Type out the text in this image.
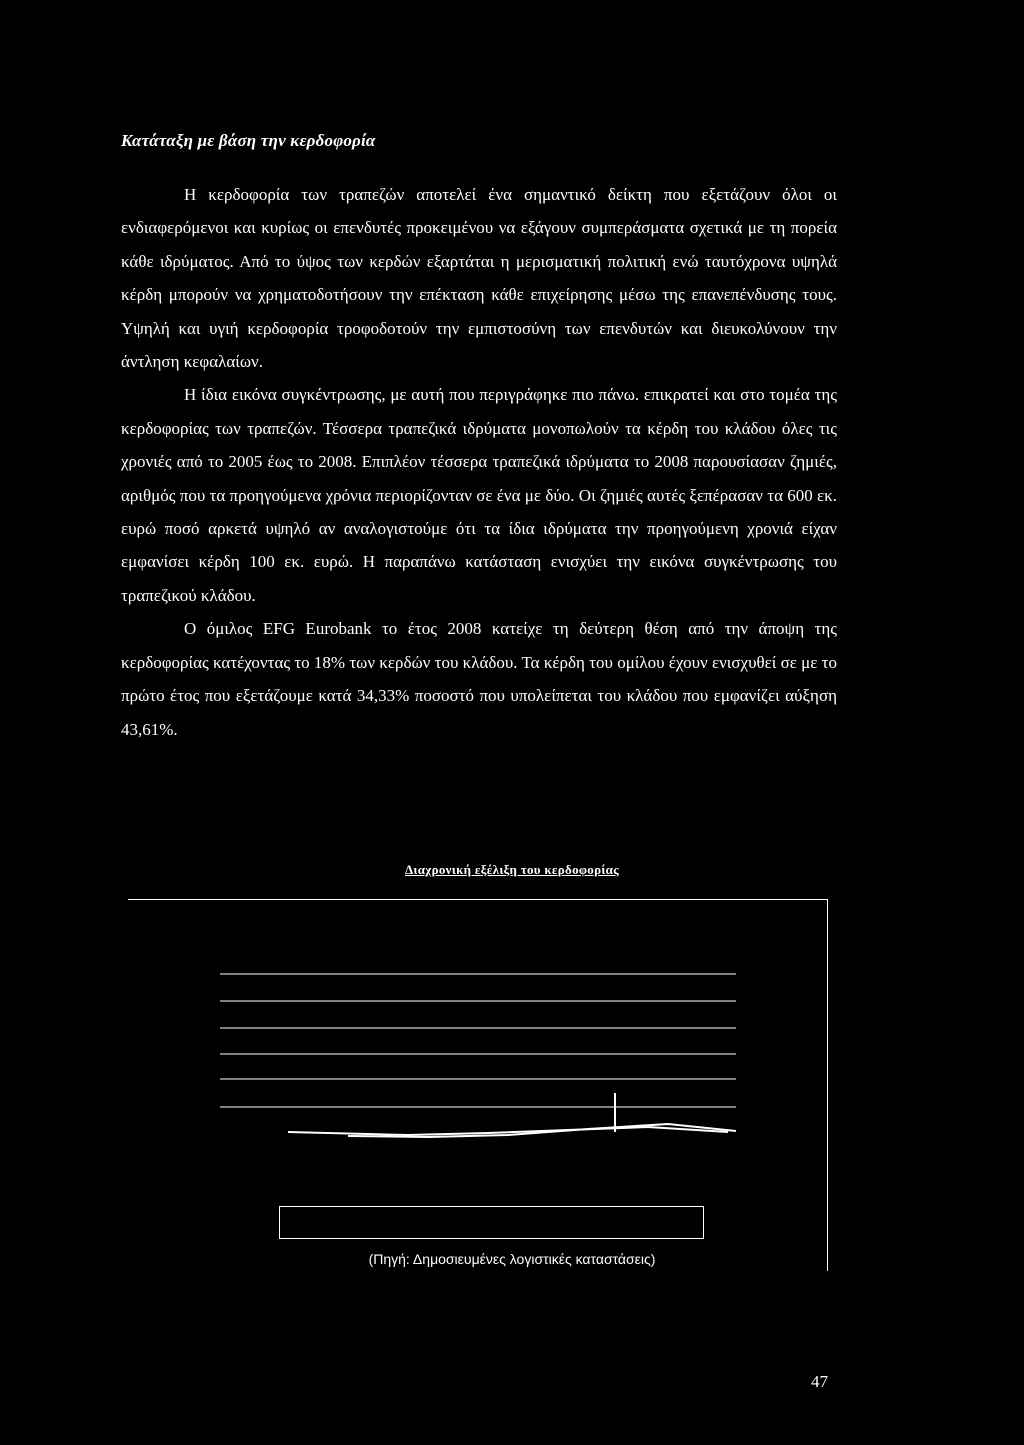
Κατάταξη με βάση την κερδοφορία

Η κερδοφορία των τραπεζών αποτελεί ένα σημαντικό δείκτη που εξετάζουν όλοι οι ενδιαφερόμενοι και κυρίως οι επενδυτές προκειμένου να εξάγουν συμπεράσματα σχετικά με τη πορεία κάθε ιδρύματος. Από το ύψος των κερδών εξαρτάται η μερισματική πολιτική ενώ ταυτόχρονα υψηλά κέρδη μπορούν να χρηματοδοτήσουν την επέκταση κάθε επιχείρησης μέσω της επανεπένδυσης τους. Υψηλή και υγιή κερδοφορία τροφοδοτούν την εμπιστοσύνη των επενδυτών και διευκολύνουν την άντληση κεφαλαίων.

Η ίδια εικόνα συγκέντρωσης, με αυτή που περιγράφηκε πιο πάνω. επικρατεί και στο τομέα της κερδοφορίας των τραπεζών. Τέσσερα τραπεζικά ιδρύματα μονοπωλούν τα κέρδη του κλάδου όλες τις χρονιές από το 2005 έως το 2008. Επιπλέον τέσσερα τραπεζικά ιδρύματα το 2008 παρουσίασαν ζημιές, αριθμός που τα προηγούμενα χρόνια περιορίζονταν σε ένα με δύο. Οι ζημιές αυτές ξεπέρασαν τα 600 εκ. ευρώ ποσό αρκετά υψηλό αν αναλογιστούμε ότι τα ίδια ιδρύματα την προηγούμενη χρονιά είχαν εμφανίσει κέρδη 100 εκ. ευρώ. Η παραπάνω κατάσταση ενισχύει την εικόνα συγκέντρωσης του τραπεζικού κλάδου.

Ο όμιλος EFG Eurobank το έτος 2008 κατείχε τη δεύτερη θέση από την άποψη της κερδοφορίας κατέχοντας το 18% των κερδών του κλάδου. Τα κέρδη του ομίλου έχουν ενισχυθεί σε με το πρώτο έτος που εξετάζουμε κατά 34,33% ποσοστό που υπολείπεται του κλάδου που εμφανίζει αύξηση 43,61%.

Διαχρονική εξέλιξη του κερδοφορίας
(Πηγή: Δημοσιευμένες λογιστικές καταστάσεις)
47
